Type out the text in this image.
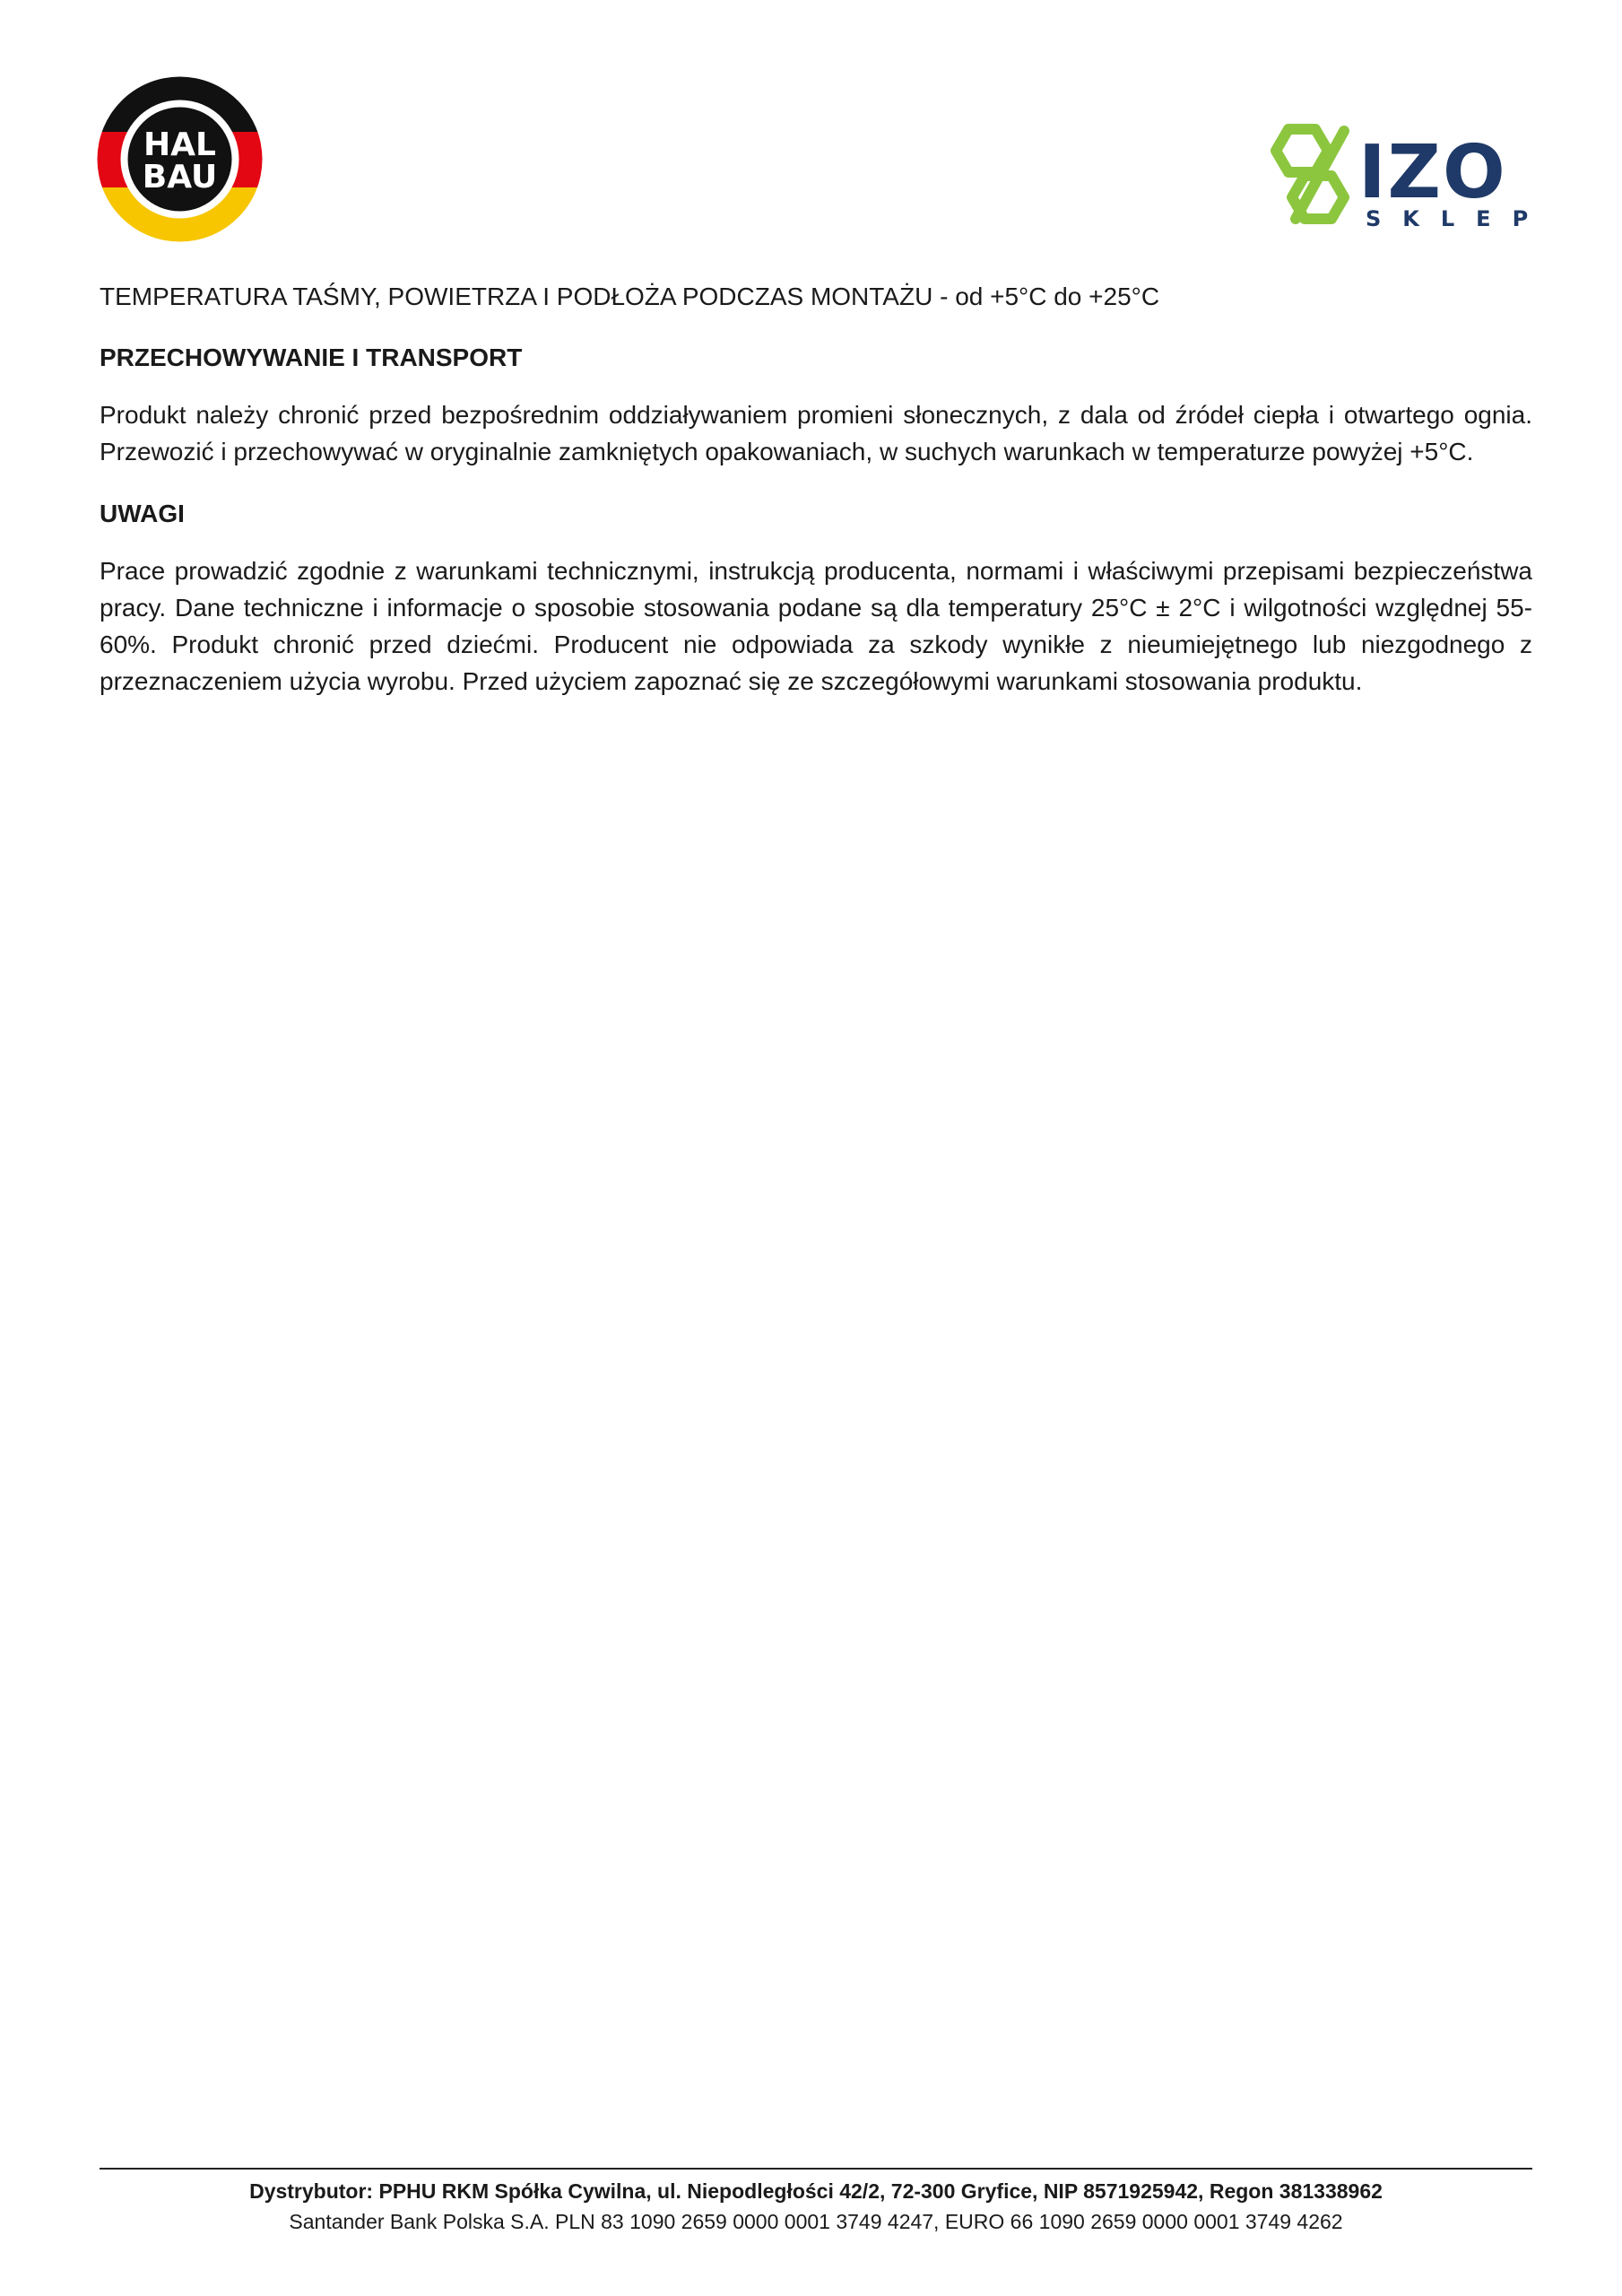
HAL
BAU	IZO
SKLEP

TEMPERATURA TAŚMY, POWIETRZA I PODŁOŻA PODCZAS MONTAŻU - od +5°C do +25°C

PRZECHOWYWANIE I TRANSPORT

Produkt należy chronić przed bezpośrednim oddziaływaniem promieni słonecznych, z dala od źródeł ciepła i otwartego ognia. Przewozić i przechowywać w oryginalnie zamkniętych opakowaniach, w suchych warunkach w temperaturze powyżej +5°C.

UWAGI

Prace prowadzić zgodnie z warunkami technicznymi, instrukcją producenta, normami i właściwymi przepisami bezpieczeństwa pracy. Dane techniczne i informacje o sposobie stosowania podane są dla temperatury 25°C ± 2°C i wilgotności względnej 55-60%. Produkt chronić przed dziećmi. Producent nie odpowiada za szkody wynikłe z nieumiejętnego lub niezgodnego z przeznaczeniem użycia wyrobu. Przed użyciem zapoznać się ze szczegółowymi warunkami stosowania produktu.

Dystrybutor: PPHU RKM Spółka Cywilna, ul. Niepodległości 42/2, 72-300 Gryfice, NIP 8571925942, Regon 381338962
Santander Bank Polska S.A. PLN 83 1090 2659 0000 0001 3749 4247, EURO 66 1090 2659 0000 0001 3749 4262
